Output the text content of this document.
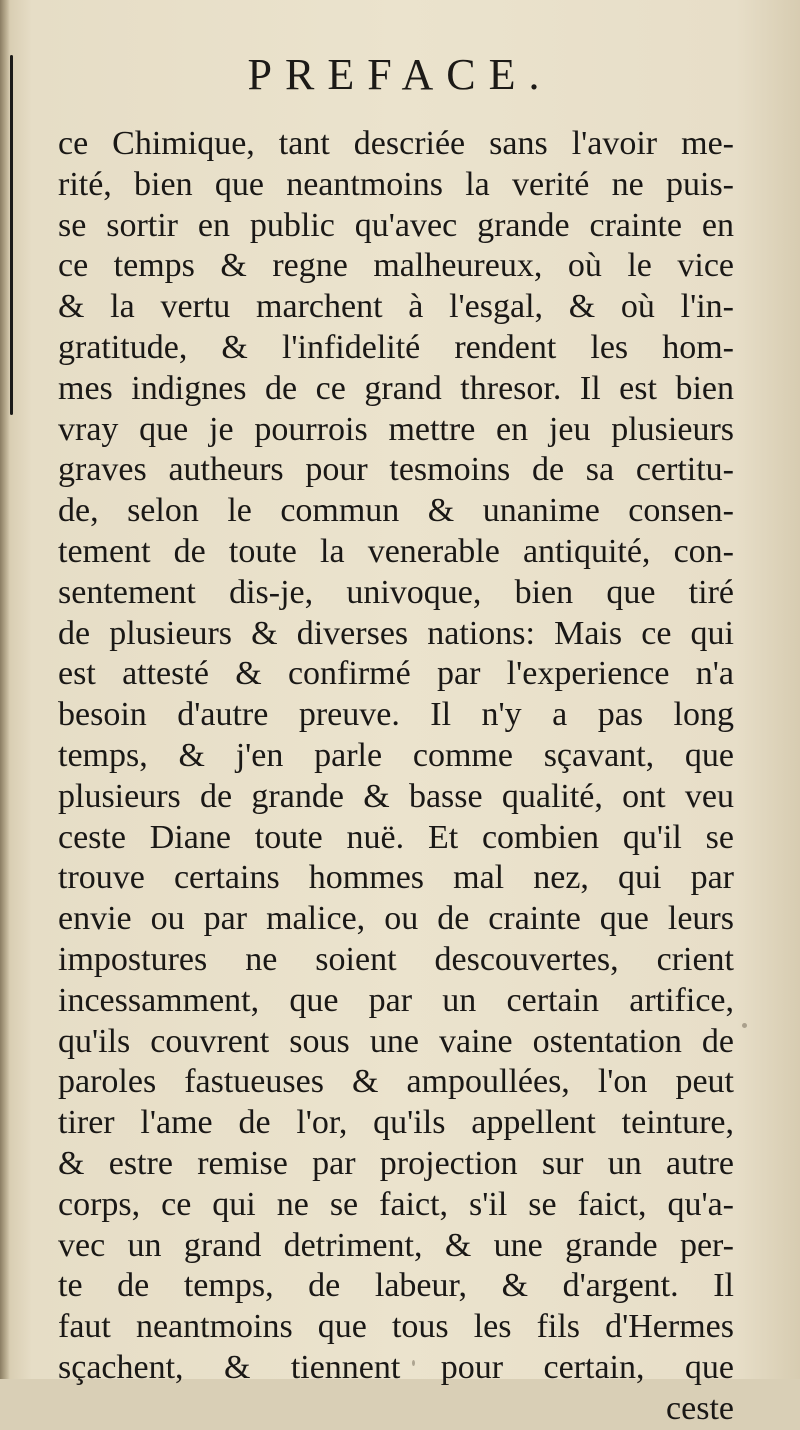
PREFACE.
ce Chimique, tant descriée sans l'avoir me-
rité, bien que neantmoins la verité ne puis-
se sortir en public qu'avec grande crainte en
ce temps & regne malheureux, où le vice
& la vertu marchent à l'esgal, & où l'in-
gratitude, & l'infidelité rendent les hom-
mes indignes de ce grand thresor. Il est bien
vray que je pourrois mettre en jeu plusieurs
graves autheurs pour tesmoins de sa certitu-
de, selon le commun & unanime consen-
tement de toute la venerable antiquité, con-
sentement dis-je, univoque, bien que tiré
de plusieurs & diverses nations: Mais ce qui
est attesté & confirmé par l'experience n'a
besoin d'autre preuve. Il n'y a pas long
temps, & j'en parle comme sçavant, que
plusieurs de grande & basse qualité, ont veu
ceste Diane toute nuë. Et combien qu'il se
trouve certains hommes mal nez, qui par
envie ou par malice, ou de crainte que leurs
impostures ne soient descouvertes, crient
incessamment, que par un certain artifice,
qu'ils couvrent sous une vaine ostentation de
paroles fastueuses & ampoullées, l'on peut
tirer l'ame de l'or, qu'ils appellent teinture,
& estre remise par projection sur un autre
corps, ce qui ne se faict, s'il se faict, qu'a-
vec un grand detriment, & une grande per-
te de temps, de labeur, & d'argent. Il
faut neantmoins que tous les fils d'Hermes
sçachent, & tiennent pour certain, que
ceste
